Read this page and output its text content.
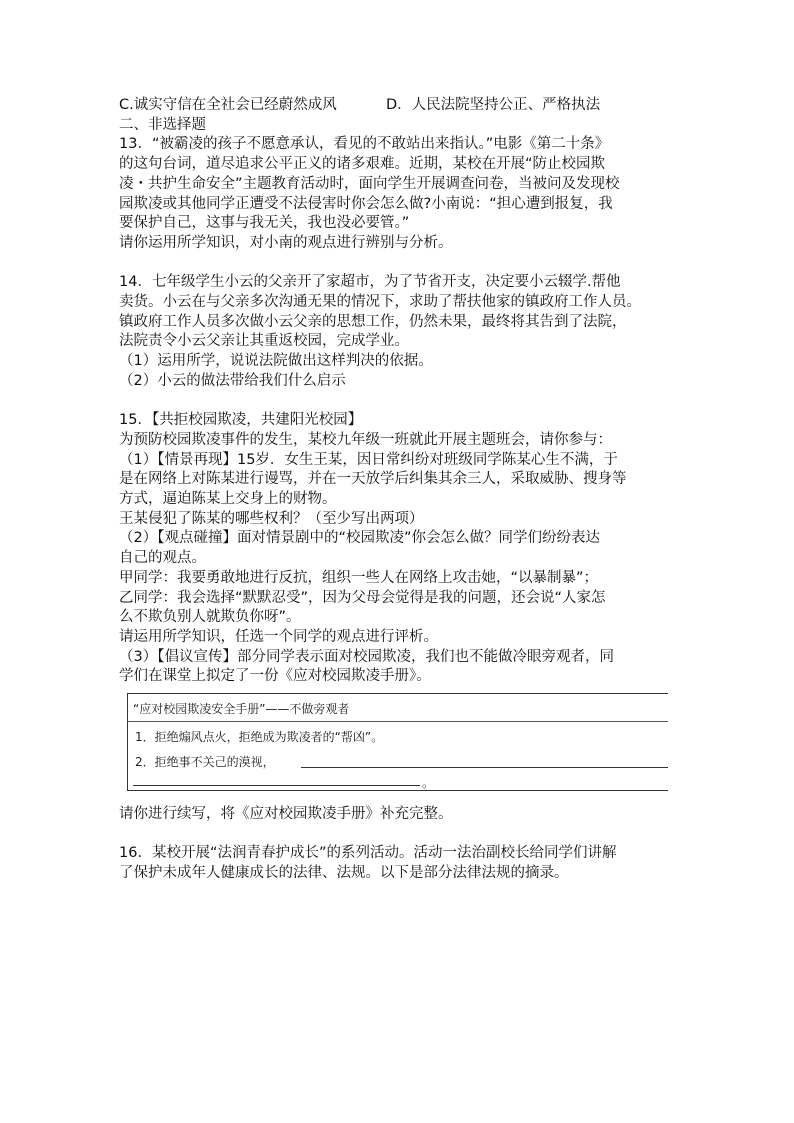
C.诚实守信在全社会已经蔚然成风	D．人民法院坚持公正、严格执法
二、非选择题
13．“被霸凌的孩子不愿意承认，看见的不敢站出来指认。”电影《第二十条》
的这句台词，道尽追求公平正义的诸多艰难。近期，某校在开展“防止校园欺
凌・共护生命安全”主题教育活动时，面向学生开展调查问卷，当被问及发现校
园欺凌或其他同学正遭受不法侵害时你会怎么做?小南说：“担心遭到报复，我
要保护自己，这事与我无关，我也没必要管。”
请你运用所学知识，对小南的观点进行辨别与分析。
14．七年级学生小云的父亲开了家超市，为了节省开支，决定要小云辍学.帮他
卖货。小云在与父亲多次沟通无果的情况下，求助了帮扶他家的镇政府工作人员。
镇政府工作人员多次做小云父亲的思想工作，仍然未果，最终将其告到了法院，
法院责令小云父亲让其重返校园，完成学业。
（1）运用所学，说说法院做出这样判决的依据。
（2）小云的做法带给我们什么启示
15．【共拒校园欺凌，共建阳光校园】
为预防校园欺凌事件的发生，某校九年级一班就此开展主题班会，请你参与：
（1）【情景再现】15岁．女生王某，因日常纠纷对班级同学陈某心生不满，于
是在网络上对陈某进行谩骂，并在一天放学后纠集其余三人，采取威胁、搜身等
方式，逼迫陈某上交身上的财物。
王某侵犯了陈某的哪些权利？（至少写出两项）
（2）【观点碰撞】面对情景剧中的“校园欺凌”你会怎么做？同学们纷纷表达
自己的观点。
甲同学：我要勇敢地进行反抗，组织一些人在网络上攻击她，“以暴制暴”；
乙同学：我会选择“默默忍受”，因为父母会觉得是我的问题，还会说“人家怎
么不欺负别人就欺负你呀”。
请运用所学知识，任选一个同学的观点进行评析。
（3）【倡议宣传】部分同学表示面对校园欺凌，我们也不能做冷眼旁观者，同
学们在课堂上拟定了一份《应对校园欺凌手册》。
“应对校园欺凌安全手册”——不做旁观者
1．拒绝煽风点火，拒绝成为欺凌者的“帮凶”。
2．拒绝事不关己的漠视，
。
请你进行续写，将《应对校园欺凌手册》补充完整。
16．某校开展“法润青春护成长”的系列活动。活动一法治副校长给同学们讲解
了保护未成年人健康成长的法律、法规。以下是部分法律法规的摘录。
